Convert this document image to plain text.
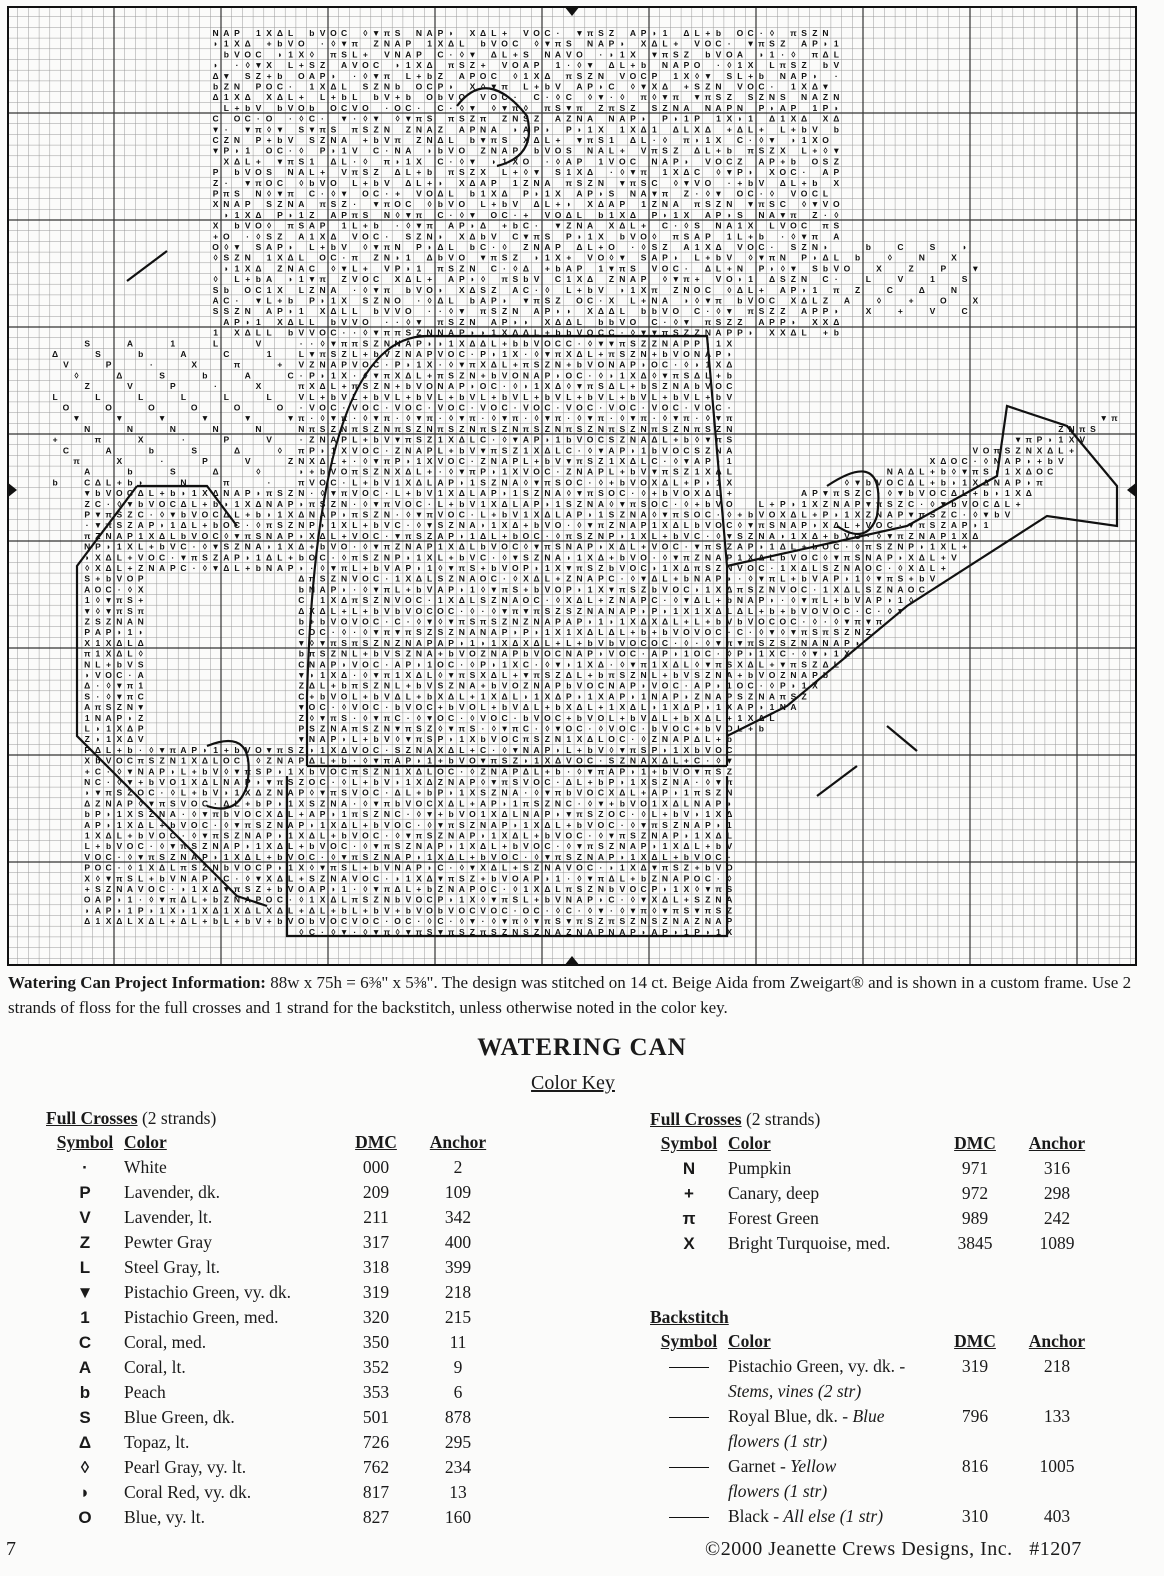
N A P 1 X Δ L b V O C ◊ ▼ π S N A P ◗ X Δ L + V O C · ▼ π S Z A P ◗ 1 Δ L + b O C · ◊ π S Z N
◗ 1 X Δ + b V O · ◊ ▼ π Z N A P 1 X Δ L b V O C ◊ ▼ π S N A P ◗ X Δ L + V O C · ▼ π S Z A P ◗ 1
b V O C ◗ 1 X ◊ π S L + V N A P C · ◊ ▼ Δ L + S N A V O · ◗ 1 X ▼ π S Z b V O A ◗ 1 · ◊ π Δ L
◗ · ◊ ▼ X L + S Z A V O C ◗ 1 X Δ π S Z + V O A P 1 · ◊ ▼ Δ L + b N A P O · ◊ 1 X L π S Z b V
Δ ▼ S Z + b O A P ◗ · ◊ ▼ π L + b Z A P O C ◊ 1 X Δ π S Z N V O C P 1 X ◊ ▼ S L + b N A P ◗ ·
b Z N P O C · 1 X Δ L S Z N b O C P ◗ X ◊ ▼ π L + b V A P ◗ C ◊ ▼ X Δ + S Z N V O C · 1 X Δ ▼
Δ 1 X Δ X Δ L + L + b L b V + b O b V O V O C · C · ◊ C ◊ ▼ · ◊ π ◊ ▼ π ▼ π S Z S Z N S N A Z N
L + b V b V O b O C V O · O C · C · ◊ ▼ ◊ ▼ π ◊ π S ▼ π Z π S Z S Z N A N A P N P ◗ A P 1 P ◗
C O C · O · ◊ C · ▼ · ◊ ▼ ◊ ▼ π S π S Z π Z N S Z A Z N A N A P ◗ P ◗ 1 P 1 X ◗ 1 Δ 1 X Δ X Δ
▼ · ▼ π ◊ ▼ S ▼ π S π S Z N Z N A Z A P N A ◗ A P ◗ P ◗ 1 X 1 X Δ 1 Δ L X Δ + Δ L + L + b V b
C Z N P + b V S Z N A + b V π Z N Δ L b ▼ π S X Δ L + ▼ π S 1 Δ L · ◊ π ◗ 1 X C · ◊ ▼ ◗ 1 X O
▼ P ◗ 1 O C · ◊ P ◗ 1 V C · N A ◗ b V O Z N A P b V O S N A L + V π S Z Δ L + b π S Z X L + ◊ ▼
X Δ L + ▼ π S 1 Δ L · ◊ π ◗ 1 X C · ◊ ▼ ◗ 1 X O · ◊ A P 1 V O C N A P ◗ V O C Z A P + b O S Z
P b V O S N A L + V π S Z Δ L + b π S Z X L + ◊ ▼ S 1 X Δ · ◊ ▼ π 1 X Δ C ◊ ▼ P ◗ X O C · A P
Z · ▼ π O C ◊ b V O L + b V Δ L + ◗ X Δ A P 1 Z N A π S Z N ▼ π S C ◊ ▼ V O · + b V Δ L + b X
P π S N ◊ ▼ π C · ◊ ▼ O C · + V O Δ L b 1 X Δ P ◗ 1 X A P ◗ S N A ▼ π Z · ◊ ▼ O C · ◊ V O C L
X N A P S Z N A π S Z · ▼ π O C ◊ b V O L + b V Δ L + ◗ X Δ A P 1 Z N A π S Z N ▼ π S C ◊ ▼ V O
◗ 1 X Δ P ◗ 1 Z A P π S N ◊ ▼ π C · ◊ ▼ O C · + V O Δ L b 1 X Δ P ◗ 1 X A P ◗ S N A ▼ π Z · ◊
X b V O ◊ π S A P 1 L + b · ◊ ▼ π A P ◗ Δ + b C · ▼ Z N A X Δ L + C · ◊ S N A 1 X L V O C π S
+ O · ◊ S Z A 1 X Δ V O C · S Z N ◗ X Δ b V C ▼ π S P ◗ 1 X b V O ◊ π S A P 1 L + b · ◊ ▼ π A
O ◊ ▼ S A P ◗ L + b V ◊ ▼ π N P ◗ Δ L b C · ◊ Z N A P Δ L + O · ◊ S Z A 1 X Δ V O C · S Z N ◗	b	C	S	◗
◊ S Z N 1 X Δ L O C · π Z N ◗ 1 Δ b V O ▼ π S Z ◗ 1 X + V O ◊ ▼ S A P ◗ L + b V ◊ ▼ π N P ◗ Δ L b	◊	N	X
◗ 1 X Δ Z N A C ◊ ▼ L + V P ◗ 1 π S Z N C · ◊ Δ + b A P 1 ▼ π S V O C · Δ L + N P ◗ ◊ ▼ S b V O	X	Z	P	▼
◊ L + b A ◗ 1 ▼ π Z V O C X Δ L + A P ◗ ◊ π S b V C 1 X Δ Z N A P ◊ ▼ π + V O ◗ 1 Δ S Z N C ·	L	V	1	S
S b O C 1 X L Z N A · ◊ ▼ π b V O ◗ X Δ S Z A C · ◊ L + b V ◗ 1 X π Z N O C ◊ Δ L + A P ◗ 1 π Z	C	Δ	N
A C · ▼ L + b P ◗ 1 X S Z N O · ◊ Δ L b A P ◗ ▼ π S Z O C · X L + N A ◗ ◊ ▼ π b V O C X Δ L Z A	◊	+	O	X
S S Z N A P ◗ 1 X Δ L L b V V O · · ◊ ▼ π S Z N A P ◗ ◗ X Δ Δ L b b V O C · ◊ ▼ π S Z Z A P P ◗	X	+	V	C
A P ◗ 1 X Δ L L b V V O · · ◊ ▼ π S Z N A P ◗ ◗ X Δ Δ L b b V O C · ◊ ▼ π S Z Z A P P ◗ X X Δ
1 X Δ L L b V V O C · · ◊ ▼ π π S Z N N A P ◗ ◗ 1 X Δ Δ L + b b V O C C · ◊ ▼ ▼ π S Z Z N A P P ◗ X X Δ L + b
S	A	1	L	V	· · ◊ ▼ π π S Z N N A P ◗ ◗ 1 X Δ Δ L + b b V O C C · ◊ ▼ ▼ π S Z Z N A P P ◗ 1 X
Δ	S	b	A	C	1	L ▼ π S Z L + b V Z N A P V O C · P ◗ 1 X · ◊ ▼ π X Δ L + π S Z N + b V O N A P ◗
V	P	·	X	π	+ V Z N A P V O C · P ◗ 1 X · ◊ ▼ π X Δ L + π S Z N + b V O N A P ◗ O C · ◊ ◗ 1 X Δ
◊	Δ	S	b	A	C · P ◗ 1 X · ◊ ▼ π X Δ L + π S Z N + b V O N A P ◗ O C · ◊ ◗ 1 X Δ ◊ ▼ π S Δ L + b
Z	V	P	·	X	π X Δ L + π S Z N + b V O N A P ◗ O C · ◊ ◗ 1 X Δ ◊ ▼ π S Δ L + b S Z N A b V O C
L	L	L	L	L	L	V L + b V L + b V L + b V L + b V L + b V L + b V L + b V L + b V L + b V L + b V
O	O	O	O	O	O · V O C · V O C · V O C · V O C · V O C · V O C · V O C · V O C · V O C · V O C ·
▼	▼	▼	▼	▼	▼ π · ◊ ▼ π · ◊ ▼ π · ◊ ▼ π · ◊ ▼ π · ◊ ▼ π · ◊ ▼ π · ◊ ▼ π · ◊ ▼ π · ◊ ▼ π · ◊ ▼ π	▼ π
N	N	N	N	N	N π S Z N π S Z N π S Z N π S Z N π S Z N π S Z N π S Z N π S Z N π S Z N π S Z N	Z N π S
+	π	X	·	P	V	· Z N A P L + b V ▼ π S Z 1 X Δ L C · ◊ ▼ A P ◗ 1 b V O C S Z N A Δ L + b ◊ ▼ π S	▼ π P ◗ 1 X V
C	A	b	S	Δ	◊ π P ◗ 1 X V O C · Z N A P L + b V ▼ π S Z 1 X Δ L C · ◊ ▼ A P ◗ 1 b V O C S Z N A	V O π S Z N X Δ L +
π	X	·	P	V	Z N X Δ L + · ◊ ▼ π P ◗ 1 X V O C · Z N A P L + b V ▼ π S Z 1 X Δ L C · ◊ ▼ A P ◗ 1	X Δ O C · ◊ N A P ◗ + b V
A	b	S	Δ	◊	◗ + b V O π S Z N X Δ L + · ◊ ▼ π P ◗ 1 X V O C · Z N A P L + b V ▼ π S Z 1 X Δ L	N A Δ L + b ◊ ▼ π S ◗ 1 X Δ O C
b	C Δ L + b ◗	N	π	·	π V O C · L + b V 1 X Δ L A P ◗ 1 S Z N A ◊ ▼ π S O C · ◊ + b V O X Δ L + P ◗ 1 X	◊ ▼ b V O C Δ L + b ◗ 1 X Δ N A P ◗ π
▼ b V O C Δ L + b ◗ 1 X Δ N A P ◗ π S Z N · ◊ ▼ π V O C · L + b V 1 X Δ L A P ◗ 1 S Z N A ◊ ▼ π S O C · ◊ + b V O X Δ L +	A P ▼ π S Z C · ◊ ▼ b V O C Δ L + b ◗ 1 X Δ
Z C · ◊ ▼ b V O C Δ L + b ◗ 1 X Δ N A P ◗ π S Z N · ◊ ▼ π V O C · L + b V 1 X Δ L A P ◗ 1 S Z N A ◊ ▼ π S O C · ◊ + b V O	L + P ◗ 1 X Z N A P ▼ π S Z C · ◊ ▼ b V O C Δ L +
P ▼ π S Z C · ◊ ▼ b V O C Δ L + b ◗ 1 X Δ N A P ◗ π S Z N · ◊ ▼ π V O C · L + b V 1 X Δ L A P ◗ 1 S Z N A ◊ ▼ π S O C · ◊ + b V O X Δ L + P ◗ 1 X Z N A P ▼ π S Z C · ◊ ▼ b V
· ▼ π S Z A P ◗ 1 Δ L + b O C · ◊ π S Z N P ◗ 1 X L + b V C · ◊ ▼ S Z N A ◗ 1 X Δ + b V O · ◊ ▼ π Z N A P 1 X Δ L b V O C ◊ ▼ π S N A P ◗ X Δ L + V O C · ▼ π S Z A P ◗ 1
π Z N A P 1 X Δ L b V O C ◊ ▼ π S N A P ◗ X Δ L + V O C · ▼ π S Z A P ◗ 1 Δ L + b O C · ◊ π S Z N P ◗ 1 X L + b V C · ◊ ▼ S Z N A ◗ 1 X Δ + b V O · ◊ ▼ π Z N A P 1 X Δ
N P ◗ 1 X L + b V C · ◊ ▼ S Z N A ◗ 1 X Δ + b V O · ◊ ▼ π Z N A P 1 X Δ L b V O C ◊ ▼ π S N A P ◗ X Δ L + V O C · ▼ π S Z A P ◗ 1 Δ L + b O C · ◊ π S Z N P ◗ 1 X L +
◗ X Δ L + V O C · ▼ π S Z A P ◗ 1 Δ L + b O C · ◊ π S Z N P ◗ 1 X L + b V C · ◊ ▼ S Z N A ◗ 1 X Δ + b V O · ◊ ▼ π Z N A P 1 X Δ L b V O C ◊ ▼ π S N A P ◗ X Δ L + V
◊ X Δ L + Z N A P C · ◊ ▼ Δ L + b N A P ◗ · ◊ ▼ π L + b V A P ◗ 1 ◊ ▼ π S + b V O P ◗ 1 X ▼ π S Z b V O C ◗ 1 X Δ π S Z N V O C · 1 X Δ L S Z N A O C · ◊ X Δ L +
S + b V O P	Δ π S Z N V O C · 1 X Δ L S Z N A O C · ◊ X Δ L + Z N A P C · ◊ ▼ Δ L + b N A P ◗ · ◊ ▼ π L + b V A P ◗ 1 ◊ ▼ π S + b V
A O C · ◊ X	b N A P ◗ · ◊ ▼ π L + b V A P ◗ 1 ◊ ▼ π S + b V O P ◗ 1 X ▼ π S Z b V O C ◗ 1 X Δ π S Z N V O C · 1 X Δ L S Z N A O C
1 ◊ ▼ π S +	C ◗ 1 X Δ π S Z N V O C · 1 X Δ L S Z N A O C · ◊ X Δ L + Z N A P C · ◊ ▼ Δ L + b N A P ◗ · ◊ ▼ π L + b V A P ◗ 1 ◊
▼ ◊ ▼ π S π	Δ X Δ L + L + b V b V O C O C · ◊ · ◊ ▼ π ▼ π S Z S Z N A N A P ◗ P ◗ 1 X 1 X Δ L Δ L + b + b V O V O C · C · ◊ ▼
Z S Z N A N	b + b V O V O C · C · ◊ ▼ ◊ ▼ π S π S Z N Z N A P A P ◗ 1 ◗ 1 X Δ X Δ L + L + b V b V O C O C · ◊ · ◊ ▼ π ▼ π
P A P ◗ 1 ◗	C O C · ◊ · ◊ ▼ π ▼ π S Z S Z N A N A P ◗ P ◗ 1 X 1 X Δ L Δ L + b + b V O V O C · C · ◊ ▼ ◊ ▼ π S π S Z N Z
X 1 X Δ L Δ	▼ ◊ ▼ π S π S Z N Z N A P A P ◗ 1 ◗ 1 X Δ X Δ L + L + b V b V O C O C · ◊ · ◊ ▼ π ▼ π S Z S Z N A N A P ◗
π 1 X Δ L ◊	b π S Z N L + b V S Z N A + b V O Z N A P b V O C N A P ◗ V O C · A P ◗ 1 O C · ◊ P ◗ 1 X C · ◊ ▼ ◗ 1 X
N L + b V S	C N A P ◗ V O C · A P ◗ 1 O C · ◊ P ◗ 1 X C · ◊ ▼ ◗ 1 X Δ · ◊ ▼ π 1 X Δ L ◊ ▼ π S X Δ L + ▼ π S Z Δ L
◗ V O C · A	▼ ◗ 1 X Δ · ◊ ▼ π 1 X Δ L ◊ ▼ π S X Δ L + ▼ π S Z Δ L + b π S Z N L + b V S Z N A + b V O Z N A P b
Δ · ◊ ▼ π 1	Z Δ L + b π S Z N L + b V S Z N A + b V O Z N A P b V O C N A P ◗ V O C · A P ◗ 1 O C · ◊ P ◗ 1 X
S · ◊ ▼ π C	C + b V O L + b V Δ L + b X Δ L + 1 X Δ L ◗ 1 X Δ P ◗ 1 X A P ◗ 1 N A P ◗ Z N A P S Z N A π S Z
A π S Z N ▼	▼ O C · ◊ V O C · b V O C + b V O L + b V Δ L + b X Δ L + 1 X Δ L ◗ 1 X Δ P ◗ 1 X A P ◗ 1 N A
1 N A P ◗ Z	Z ◊ ▼ π S · ◊ ▼ π C · ◊ ▼ O C · ◊ V O C · b V O C + b V O L + b V Δ L + b X Δ L + 1 X Δ L
L ◗ 1 X Δ P	P S Z N A π S Z N ▼ π S Z ◊ ▼ π S · ◊ ▼ π C · ◊ ▼ O C · ◊ V O C · b V O C + b V O L + b
Z ◗ 1 X Δ V	▼ N A P ◗ L + b V ◊ ▼ π S P ◗ 1 X b V O C π S Z N 1 X Δ L O C · ◊ Z N A P Δ L + b
P Δ L + b · ◊ ▼ π A P ◗ 1 + b V O ▼ π S Z ◗ 1 X Δ V O C · S Z N A X Δ L + C · ◊ ▼ N A P ◗ L + b V ◊ ▼ π S P ◗ 1 X b V O C
X b V O C π S Z N 1 X Δ L O C · ◊ Z N A P Δ L + b · ◊ ▼ π A P ◗ 1 + b V O ▼ π S Z ◗ 1 X Δ V O C · S Z N A X Δ L + C · ◊ ▼
+ C · ◊ ▼ N A P ◗ L + b V ◊ ▼ π S P ◗ 1 X b V O C π S Z N 1 X Δ L O C · ◊ Z N A P Δ L + b · ◊ ▼ π A P ◗ 1 + b V O ▼ π S Z
N C · ◊ ▼ + b V O 1 X Δ L N A P ◗ ▼ π S Z O C · ◊ L + b V ◗ 1 X Δ Z N A P ◊ ▼ π S V O C · Δ L + b P ◗ 1 X S Z N A · ◊ ▼ π
◗ ▼ π S Z O C · ◊ L + b V ◗ 1 X Δ Z N A P ◊ ▼ π S V O C · Δ L + b P ◗ 1 X S Z N A · ◊ ▼ π b V O C X Δ L + A P ◗ 1 π S Z N
Δ Z N A P ◊ ▼ π S V O C · Δ L + b P ◗ 1 X S Z N A · ◊ ▼ π b V O C X Δ L + A P ◗ 1 π S Z N C · ◊ ▼ + b V O 1 X Δ L N A P ◗
b P ◗ 1 X S Z N A · ◊ ▼ π b V O C X Δ L + A P ◗ 1 π S Z N C · ◊ ▼ + b V O 1 X Δ L N A P ◗ ▼ π S Z O C · ◊ L + b V ◗ 1 X Δ
A P ◗ 1 X Δ L + b V O C · ◊ ▼ π S Z N A P ◗ 1 X Δ L + b V O C · ◊ ▼ π S Z N A P ◗ 1 X Δ L + b V O C · ◊ ▼ π S Z N A P ◗ 1
1 X Δ L + b V O C · ◊ ▼ π S Z N A P ◗ 1 X Δ L + b V O C · ◊ ▼ π S Z N A P ◗ 1 X Δ L + b V O C · ◊ ▼ π S Z N A P ◗ 1 X Δ L
L + b V O C · ◊ ▼ π S Z N A P ◗ 1 X Δ L + b V O C · ◊ ▼ π S Z N A P ◗ 1 X Δ L + b V O C · ◊ ▼ π S Z N A P ◗ 1 X Δ L + b V
V O C · ◊ ▼ π S Z N A P ◗ 1 X Δ L + b V O C · ◊ ▼ π S Z N A P ◗ 1 X Δ L + b V O C · ◊ ▼ π S Z N A P ◗ 1 X Δ L + b V O C ·
P O C · ◊ 1 X Δ L π S Z N b V O C P ◗ 1 X ◊ ▼ π S L + b V N A P ◗ C · ◊ ▼ X Δ L + S Z N A V O C · ◗ 1 X Δ ▼ π S Z + b V O
X ◊ ▼ π S L + b V N A P ◗ C · ◊ ▼ X Δ L + S Z N A V O C · ◗ 1 X Δ ▼ π S Z + b V O A P ◗ 1 · ◊ ▼ π Δ L + b Z N A P O C · ◊
+ S Z N A V O C · ◗ 1 X Δ ▼ π S Z + b V O A P ◗ 1 · ◊ ▼ π Δ L + b Z N A P O C · ◊ 1 X Δ L π S Z N b V O C P ◗ 1 X ◊ ▼ π S
O A P ◗ 1 · ◊ ▼ π Δ L + b Z N A P O C · ◊ 1 X Δ L π S Z N b V O C P ◗ 1 X ◊ ▼ π S L + b V N A P ◗ C · ◊ ▼ X Δ L + S Z N A
◗ A P ◗ 1 P ◗ 1 X ◗ 1 X Δ 1 X Δ L X Δ L + Δ L + b L + b V + b V O b V O C V O C · O C · ◊ C · ◊ ▼ · ◊ ▼ π ◊ ▼ π S ▼ π S Z
Δ 1 X Δ L X Δ L + Δ L + b L + b V + b V O b V O C V O C · O C · ◊ C · ◊ ▼ · ◊ ▼ π ◊ ▼ π S ▼ π S Z π S Z N S Z N A Z N A P
◊ C · ◊ ▼ · ◊ ▼ π ◊ ▼ π S ▼ π S Z π S Z N S Z N A Z N A P N A P ◗ A P ◗ 1 P ◗ 1 X
Watering Can Project Information: 88w x 75h = 6⅜" x 5⅜". The design was stitched on 14 ct. Beige Aida from Zweigart® and is shown in a custom frame. Use 2 strands of floss for the full crosses and 1 strand for the backstitch, unless otherwise noted in the color key.
WATERING CAN
Color Key
Full Crosses (2 strands)
Symbol Color	DMC	Anchor
·	White	000	2
P	Lavender, dk.	209	109
V	Lavender, lt.	211	342
Z	Pewter Gray	317	400
L	Steel Gray, lt.	318	399
▼	Pistachio Green, vy. dk.	319	218
1	Pistachio Green, med.	320	215
C	Coral, med.	350	11
A	Coral, lt.	352	9
b	Peach	353	6
S	Blue Green, dk.	501	878
Δ	Topaz, lt.	726	295
◊	Pearl Gray, vy. lt.	762	234
◗	Coral Red, vy. dk.	817	13
O	Blue, vy. lt.	827	160
Full Crosses (2 strands)
Symbol Color	DMC	Anchor
N	Pumpkin	971	316
+	Canary, deep	972	298
π	Forest Green	989	242
X	Bright Turquoise, med.	3845	1089
Backstitch
Symbol Color	DMC	Anchor
Pistachio Green, vy. dk. -	319	218
Stems, vines (2 str)
Royal Blue, dk. - Blue	796	133
flowers (1 str)
Garnet - Yellow	816	1005
flowers (1 str)
Black - All else (1 str)	310	403
7	©2000 Jeanette Crews Designs, Inc. #1207
